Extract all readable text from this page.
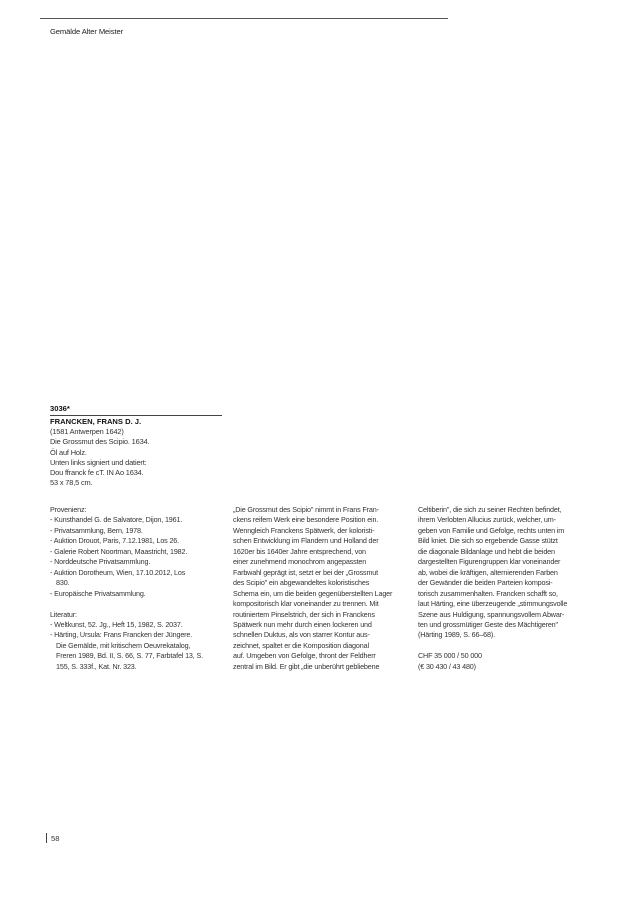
Gemälde Alter Meister
3036*
FRANCKEN, FRANS D. J.
(1581 Antwerpen 1642)
Die Grossmut des Scipio. 1634.
Öl auf Holz.
Unten links signiert und datiert:
Dou ffranck fe cT. IN Ao 1634.
53 x 78,5 cm.
Provenienz:
- Kunsthandel G. de Salvatore, Dijon, 1961.
- Privatsammlung, Bern, 1978.
- Auktion Drouot, Paris, 7.12.1981, Los 26.
- Galerie Robert Noortman, Maastricht, 1982.
- Norddeutsche Privatsammlung.
- Auktion Dorotheum, Wien, 17.10.2012, Los
830.
- Europäische Privatsammlung.
Literatur:
- Weltkunst, 52. Jg., Heft 15, 1982, S. 2037.
- Härting, Ursula: Frans Francken der Jüngere.
Die Gemälde, mit kritischem Oeuvrekatalog,
Freren 1989, Bd. II, S. 66, S. 77, Farbtafel 13, S.
155, S. 333f., Kat. Nr. 323.
„Die Grossmut des Scipio" nimmt in Frans Fran-
ckens reifem Werk eine besondere Position ein.
Wenngleich Franckens Spätwerk, der koloristi-
schen Entwicklung im Flandern und Holland der
1620er bis 1640er Jahre entsprechend, von
einer zunehmend monochrom angepassten
Farbwahl geprägt ist, setzt er bei der „Grossmut
des Scipio" ein abgewandeltes koloristisches
Schema ein, um die beiden gegenüberstellten Lager
kompositorisch klar voneinander zu trennen. Mit
routiniertem Pinselstrich, der sich in Franckens
Spätwerk nun mehr durch einen lockeren und
schnellen Duktus, als von starrer Kontur aus-
zeichnet, spaltet er die Komposition diagonal
auf. Umgeben von Gefolge, thront der Feldherr
zentral im Bild. Er gibt „die unberührt gebliebene
Celtiberin", die sich zu seiner Rechten befindet,
ihrem Verlobten Allucius zurück, welcher, um-
geben von Familie und Gefolge, rechts unten im
Bild kniet. Die sich so ergebende Gasse stützt
die diagonale Bildanlage und hebt die beiden
dargestellten Figurengruppen klar voneinander
ab, wobei die kräftigen, alternierenden Farben
der Gewänder die beiden Parteien komposi-
torisch zusammenhalten. Francken schafft so,
laut Härting, eine überzeugende „stimmungsvolle
Szene aus Huldigung, spannungsvollem Abwar-
ten und grossmütiger Geste des Mächtigeren"
(Härting 1989, S. 66–68).
CHF 35 000 / 50 000
(€ 30 430 / 43 480)
58
